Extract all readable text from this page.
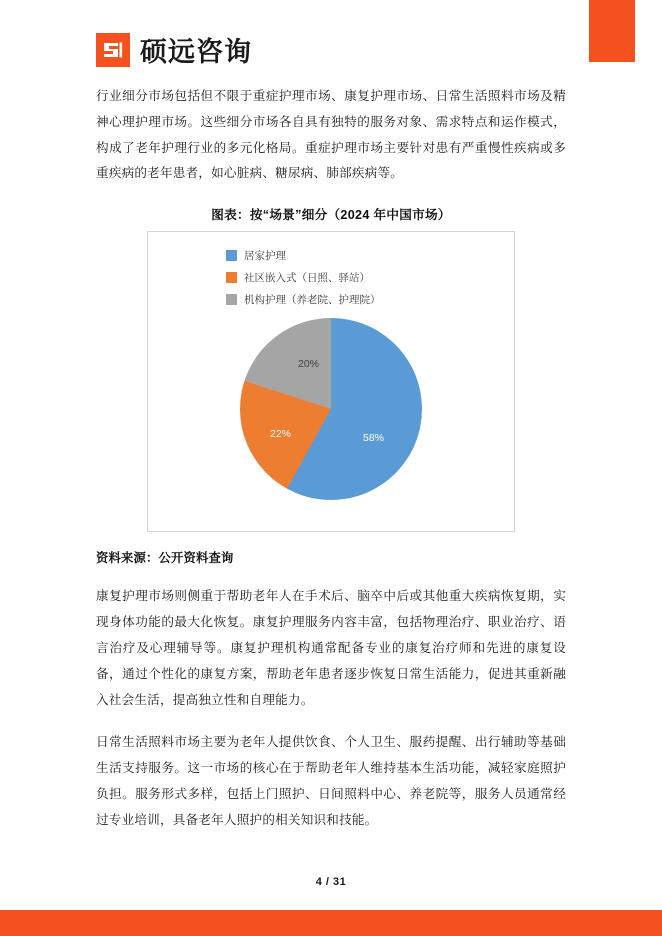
硕远咨询

行业细分市场包括但不限于重症护理市场、康复护理市场、日常生活照料市场及精神心理护理市场。这些细分市场各自具有独特的服务对象、需求特点和运作模式，构成了老年护理行业的多元化格局。重症护理市场主要针对患有严重慢性疾病或多重疾病的老年患者，如心脏病、糖尿病、肺部疾病等。

图表：按“场景”细分（2024 年中国市场）
居家护理
社区嵌入式（日照、驿站）
机构护理（养老院、护理院）
58%
22%
20%

资料来源：公开资料查询

康复护理市场则侧重于帮助老年人在手术后、脑卒中后或其他重大疾病恢复期，实现身体功能的最大化恢复。康复护理服务内容丰富，包括物理治疗、职业治疗、语言治疗及心理辅导等。康复护理机构通常配备专业的康复治疗师和先进的康复设备，通过个性化的康复方案，帮助老年患者逐步恢复日常生活能力，促进其重新融入社会生活，提高独立性和自理能力。

日常生活照料市场主要为老年人提供饮食、个人卫生、服药提醒、出行辅助等基础生活支持服务。这一市场的核心在于帮助老年人维持基本生活功能，减轻家庭照护负担。服务形式多样，包括上门照护、日间照料中心、养老院等，服务人员通常经过专业培训，具备老年人照护的相关知识和技能。

4 / 31
